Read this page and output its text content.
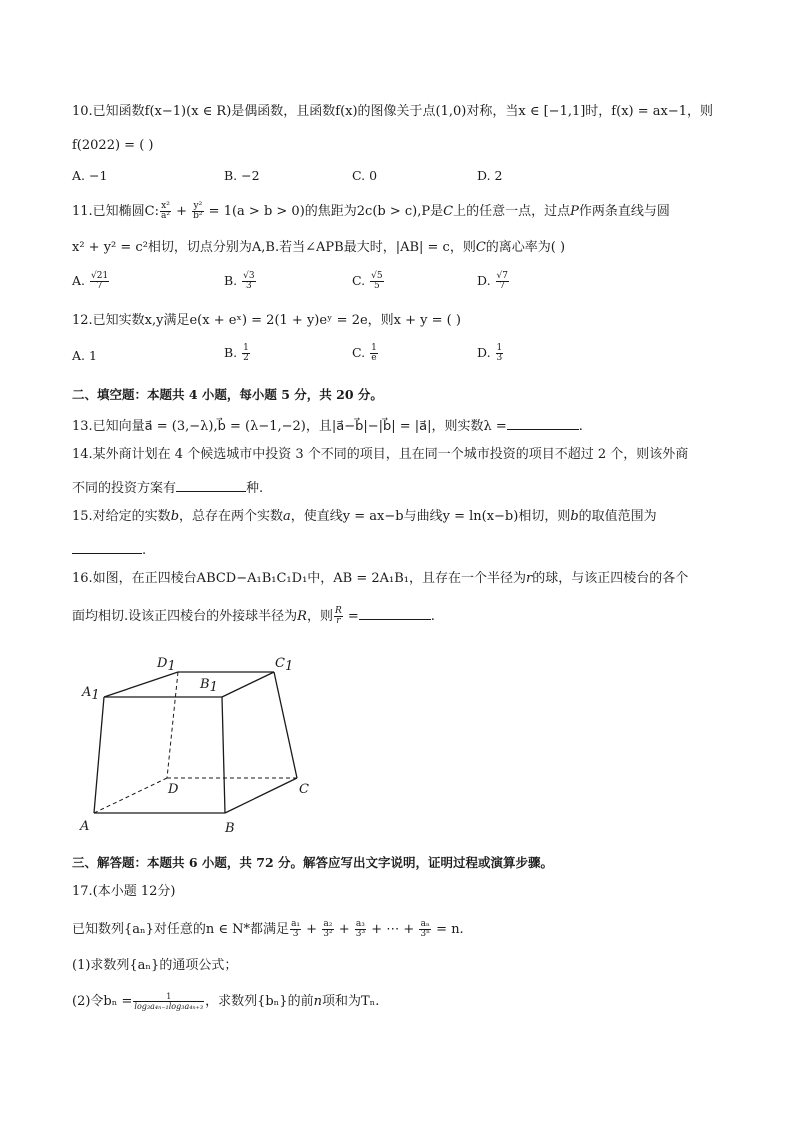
10.已知函数f(x−1)(x ∈ R)是偶函数，且函数f(x)的图像关于点(1,0)对称，当x ∈ [−1,1]时，f(x) = ax−1，则
f(2022) = ( )
A. −1	B. −2	C. 0	D. 2
11.已知椭圆C: $\frac{\text{x²}}{\text{a²}} + \frac{\text{y²}}{\text{b²}} = 1(a > b > 0)$的焦距为2c(b > c),P是C上的任意一点，过点P作两条直线与圆
x² + y² = c²相切，切点分别为A,B.若当∠APB最大时，|AB| = c，则C的离心率为( )
A. $\frac{√21}{7}$	B. $\frac{√3}{3}$	C. $\frac{√5}{5}$	D. $\frac{√7}{7}$
12.已知实数x,y满足e(x + eˣ) = 2(1 + y)eʸ = 2e，则x + y = ( )
A. 1	B. $\frac{1}{2}$	C. $\frac{1}{e}$	D. $\frac{1}{3}$
二、填空题：本题共 4 小题，每小题 5 分，共 20 分。
13.已知向量a⃗ = (3,−λ),b⃗ = (λ−1,−2)，且|a⃗−b⃗|−|b⃗| = |a⃗|，则实数λ =	.
14.某外商计划在 4 个候选城市中投资 3 个不同的项目，且在同一个城市投资的项目不超过 2 个，则该外商
不同的投资方案有	种.
15.对给定的实数b，总存在两个实数a，使直线y = ax−b与曲线y = ln(x−b)相切，则b的取值范围为
.
16.如图，在正四棱台ABCD−A₁B₁C₁D₁中，AB = 2A₁B₁，且存在一个半径为r的球，与该正四棱台的各个
面均相切.设该正四棱台的外接球半径为R，则 $\frac{R}{r}$ =	.
D1	C1
A1
B1
D	C
A	B
三、解答题：本题共 6 小题，共 72 分。解答应写出文字说明，证明过程或演算步骤。
17.(本小题 12分)
已知数列{aₙ}对任意的n ∈ N*都满足 $\frac{\text{a₁}}{3} + \frac{\text{a₂}}{\text{3²}} + \frac{\text{a₃}}{\text{3³}}$ + ⋯ + $\frac{\text{aₙ}}{\text{3ⁿ}} = n$.
(1)求数列{aₙ}的通项公式；
(2)令$b_n = \frac{1}{\text{log₃a₄ₙ₋₁log₃a₄ₙ₊₃}}$ ，求数列{bₙ}的前n项和为Tₙ.
